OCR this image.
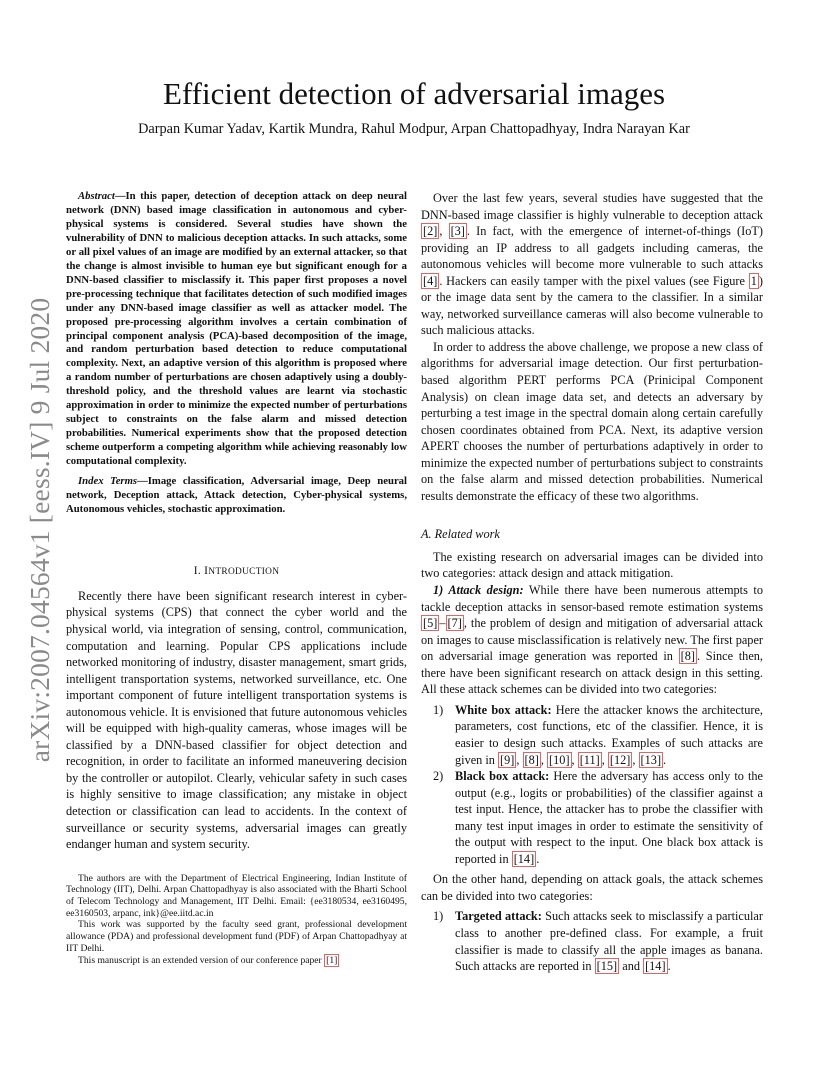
arXiv:2007.04564v1 [eess.IV] 9 Jul 2020
Efficient detection of adversarial images
Darpan Kumar Yadav, Kartik Mundra, Rahul Modpur, Arpan Chattopadhyay, Indra Narayan Kar

Abstract—In this paper, detection of deception attack on deep neural network (DNN) based image classification in autonomous and cyber-physical systems is considered. Several studies have shown the vulnerability of DNN to malicious deception attacks. In such attacks, some or all pixel values of an image are modified by an external attacker, so that the change is almost invisible to human eye but significant enough for a DNN-based classifier to misclassify it. This paper first proposes a novel pre-processing technique that facilitates detection of such modified images under any DNN-based image classifier as well as attacker model. The proposed pre-processing algorithm involves a certain combination of principal component analysis (PCA)-based decomposition of the image, and random perturbation based detection to reduce computational complexity. Next, an adaptive version of this algorithm is proposed where a random number of perturbations are chosen adaptively using a doubly-threshold policy, and the threshold values are learnt via stochastic approximation in order to minimize the expected number of perturbations subject to constraints on the false alarm and missed detection probabilities. Numerical experiments show that the proposed detection scheme outperform a competing algorithm while achieving reasonably low computational complexity.

Index Terms—Image classification, Adversarial image, Deep neural network, Deception attack, Attack detection, Cyber-physical systems, Autonomous vehicles, stochastic approximation.

I. INTRODUCTION

Recently there have been significant research interest in cyber-physical systems (CPS) that connect the cyber world and the physical world, via integration of sensing, control, communication, computation and learning. Popular CPS applications include networked monitoring of industry, disaster management, smart grids, intelligent transportation systems, networked surveillance, etc. One important component of future intelligent transportation systems is autonomous vehicle. It is envisioned that future autonomous vehicles will be equipped with high-quality cameras, whose images will be classified by a DNN-based classifier for object detection and recognition, in order to facilitate an informed maneuvering decision by the controller or autopilot. Clearly, vehicular safety in such cases is highly sensitive to image classification; any mistake in object detection or classification can lead to accidents. In the context of surveillance or security systems, adversarial images can greatly endanger human and system security.

The authors are with the Department of Electrical Engineering, Indian Institute of Technology (IIT), Delhi. Arpan Chattopadhyay is also associated with the Bharti School of Telecom Technology and Management, IIT Delhi. Email: {ee3180534, ee3160495, ee3160503, arpanc, ink}@ee.iitd.ac.in

This work was supported by the faculty seed grant, professional development allowance (PDA) and professional development fund (PDF) of Arpan Chattopadhyay at IIT Delhi.

This manuscript is an extended version of our conference paper [1]

Over the last few years, several studies have suggested that the DNN-based image classifier is highly vulnerable to deception attack [2] , [3] . In fact, with the emergence of internet-of-things (IoT) providing an IP address to all gadgets including cameras, the autonomous vehicles will become more vulnerable to such attacks [4] . Hackers can easily tamper with the pixel values (see Figure 1 ) or the image data sent by the camera to the classifier. In a similar way, networked surveillance cameras will also become vulnerable to such malicious attacks.

In order to address the above challenge, we propose a new class of algorithms for adversarial image detection. Our first perturbation-based algorithm PERT performs PCA (Prinicipal Component Analysis) on clean image data set, and detects an adversary by perturbing a test image in the spectral domain along certain carefully chosen coordinates obtained from PCA. Next, its adaptive version APERT chooses the number of perturbations adaptively in order to minimize the expected number of perturbations subject to constraints on the false alarm and missed detection probabilities. Numerical results demonstrate the efficacy of these two algorithms.

A. Related work

The existing research on adversarial images can be divided into two categories: attack design and attack mitigation.

1) Attack design: While there have been numerous attempts to tackle deception attacks in sensor-based remote estimation systems [5] – [7] , the problem of design and mitigation of adversarial attack on images to cause misclassification is relatively new. The first paper on adversarial image generation was reported in [8] . Since then, there have been significant research on attack design in this setting. All these attack schemes can be divided into two categories:

1) White box attack: Here the attacker knows the architecture, parameters, cost functions, etc of the classifier. Hence, it is easier to design such attacks. Examples of such attacks are given in [9] , [8] , [10] , [11] , [12] , [13] .
2) Black box attack: Here the adversary has access only to the output (e.g., logits or probabilities) of the classifier against a test input. Hence, the attacker has to probe the classifier with many test input images in order to estimate the sensitivity of the output with respect to the input. One black box attack is reported in [14] .

On the other hand, depending on attack goals, the attack schemes can be divided into two categories:

1) Targeted attack: Such attacks seek to misclassify a particular class to another pre-defined class. For example, a fruit classifier is made to classify all the apple images as banana. Such attacks are reported in [15] and [14] .
